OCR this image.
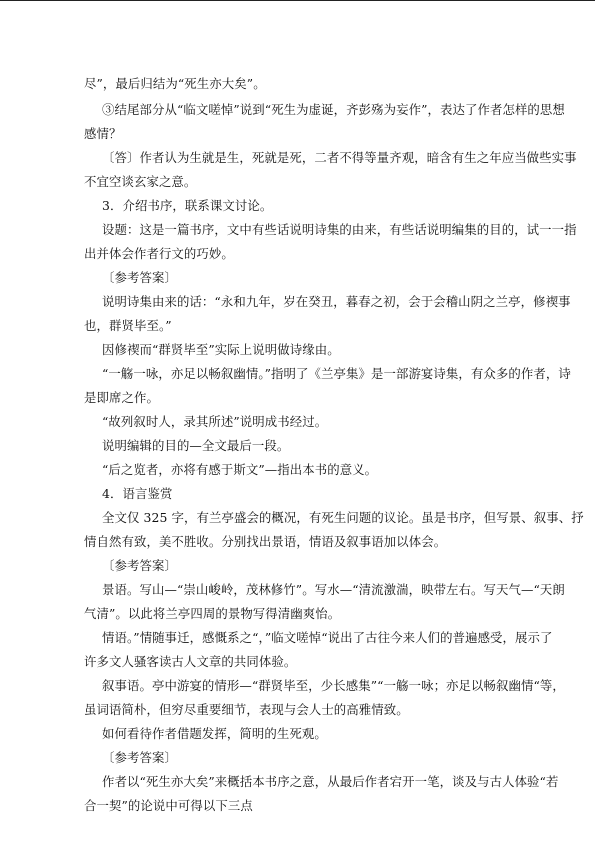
尽”，最后归结为“死生亦大矣”。
③结尾部分从“临文嗟悼”说到“死生为虚诞，齐彭殇为妄作”，表达了作者怎样的思想
感情？
〔答〕作者认为生就是生，死就是死，二者不得等量齐观，暗含有生之年应当做些实事
不宜空谈玄家之意。
3．介绍书序，联系课文讨论。
设题：这是一篇书序，文中有些话说明诗集的由来，有些话说明编集的目的，试一一指
出并体会作者行文的巧妙。
〔参考答案〕
说明诗集由来的话：“永和九年，岁在癸丑，暮春之初，会于会稽山阴之兰亭，修禊事
也，群贤毕至。”
因修禊而“群贤毕至”实际上说明做诗缘由。
“一觞一咏，亦足以畅叙幽情。”指明了《兰亭集》是一部游宴诗集，有众多的作者，诗
是即席之作。
“故列叙时人，录其所述”说明成书经过。
说明编辑的目的—全文最后一段。
“后之览者，亦将有感于斯文”—指出本书的意义。
4．语言鉴赏
全文仅 325 字，有兰亭盛会的概况，有死生问题的议论。虽是书序，但写景、叙事、抒
情自然有致，美不胜收。分别找出景语，情语及叙事语加以体会。
〔参考答案〕
景语。写山—“崇山峻岭，茂林修竹”。写水—“清流激湍，映带左右。写天气—“天朗
气清”。以此将兰亭四周的景物写得清幽爽怡。
情语。”情随事迁，感慨系之“，”临文嗟悼“说出了古往今来人们的普遍感受，展示了
许多文人骚客读古人文章的共同体验。
叙事语。亭中游宴的情形—“群贤毕至，少长感集”“一觞一咏；亦足以畅叙幽情“等，
虽词语简朴，但穷尽重要细节，表现与会人士的高雅情致。
如何看待作者借题发挥，简明的生死观。
〔参考答案〕
作者以“死生亦大矣”来概括本书序之意，从最后作者宕开一笔，谈及与古人体验“若
合一契”的论说中可得以下三点
